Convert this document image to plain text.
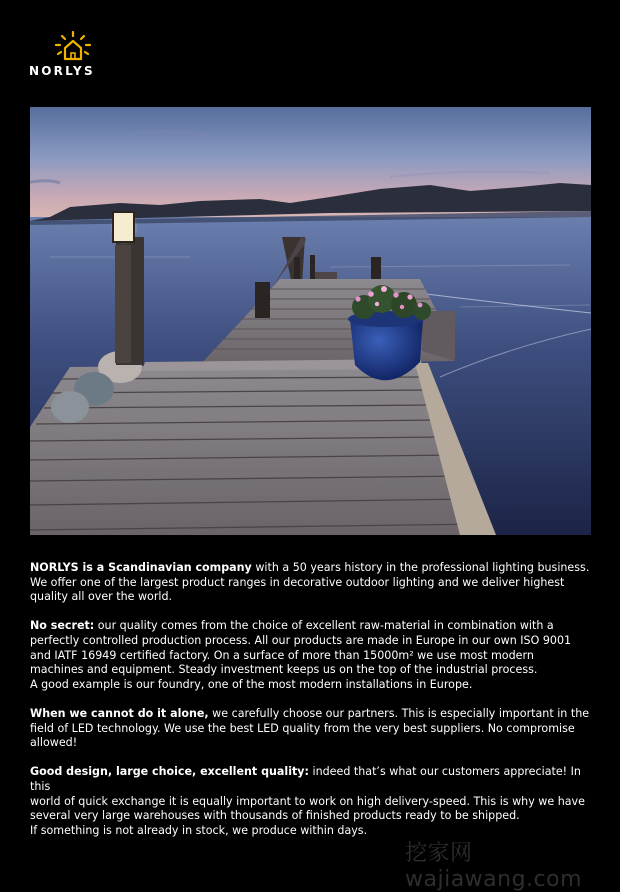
NORLYS

NORLYS is a Scandinavian company with a 50 years history in the professional lighting business.
We offer one of the largest product ranges in decorative outdoor lighting and we deliver highest
quality all over the world.

No secret: our quality comes from the choice of excellent raw-material in combination with a
perfectly controlled production process. All our products are made in Europe in our own ISO 9001
and IATF 16949 certified factory. On a surface of more than 15000m² we use most modern
machines and equipment. Steady investment keeps us on the top of the industrial process.
A good example is our foundry, one of the most modern installations in Europe.

When we cannot do it alone, we carefully choose our partners. This is especially important in the
field of LED technology. We use the best LED quality from the very best suppliers. No compromise
allowed!

Good design, large choice, excellent quality: indeed that’s what our customers appreciate! In this
world of quick exchange it is equally important to work on high delivery-speed. This is why we have
several very large warehouses with thousands of finished products ready to be shipped.
If something is not already in stock, we produce within days.

挖家网 wajiawang.com
